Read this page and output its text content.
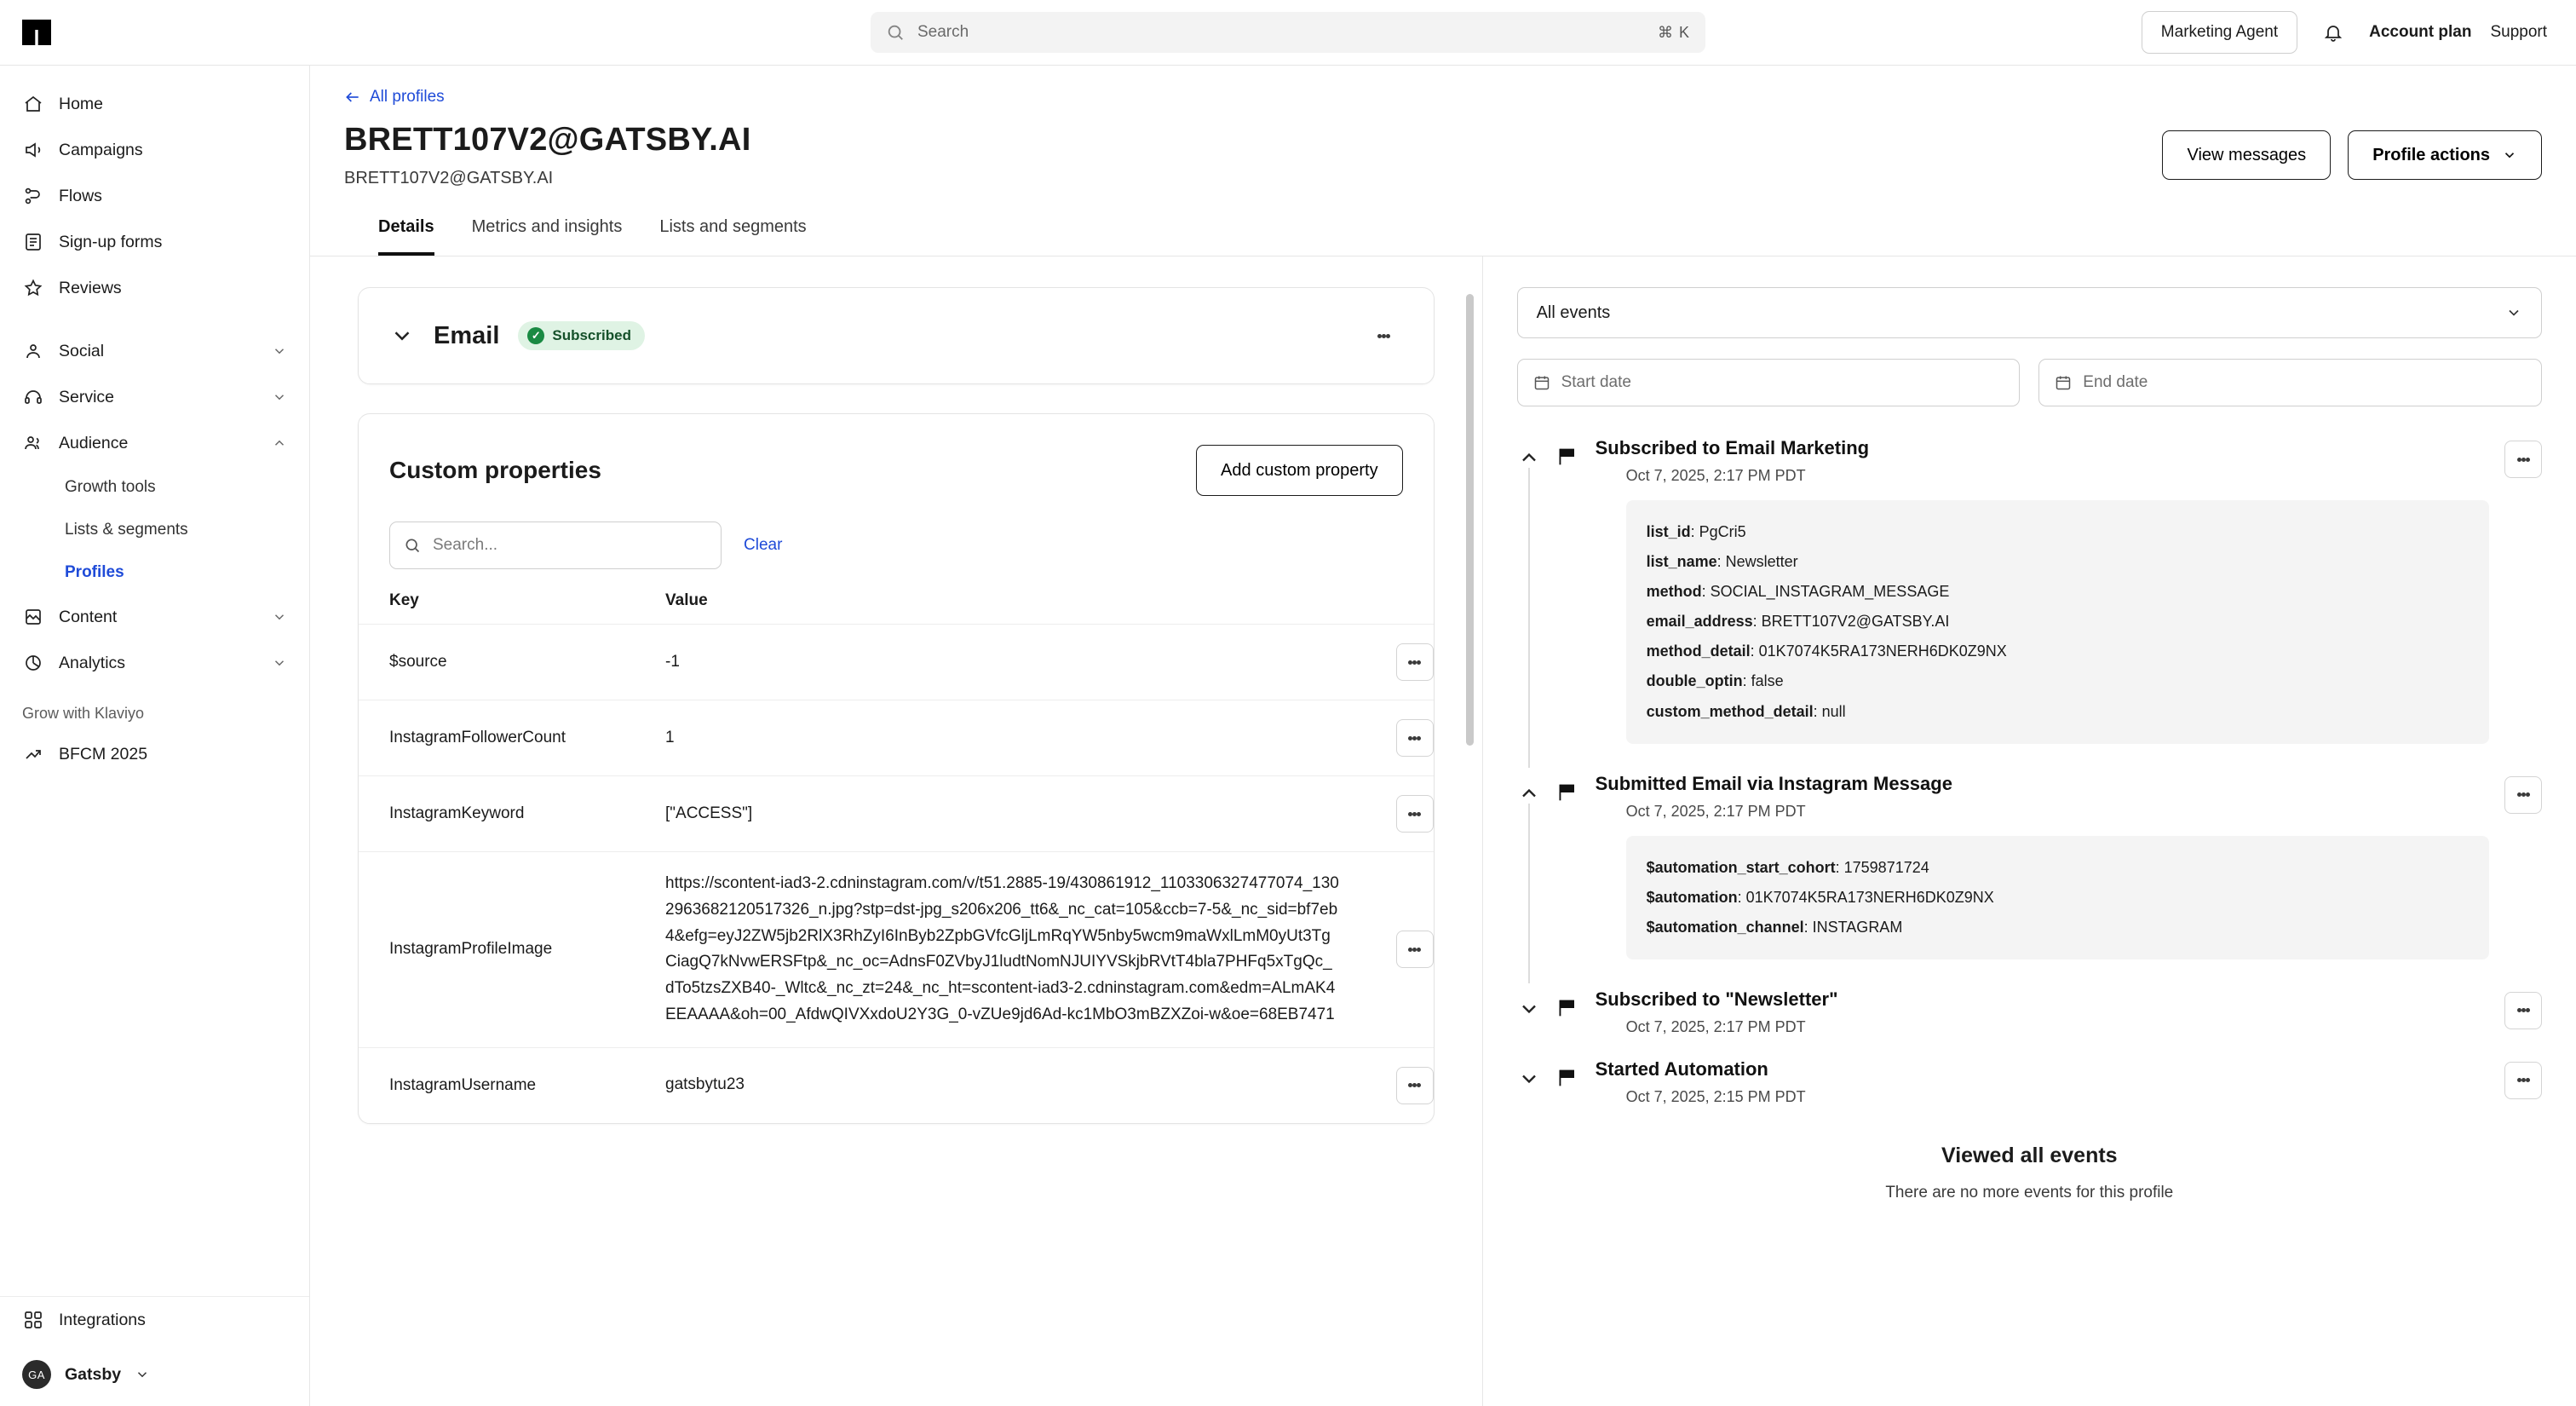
Search
⌘ K	Marketing Agent	Account plan Support
Home
Campaigns
Flows
Sign-up forms
Reviews
Social
Service
Audience
Growth tools
Lists & segments
Profiles
Content
Analytics
Grow with Klaviyo
BFCM 2025
Integrations
GA	Gatsby
All profiles
BRETT107V2@GATSBY.AI
BRETT107V2@GATSBY.AI
View messages	Profile actions
Details Metrics and insights Lists and segments
Email	✓ Subscribed
Custom properties	Add custom property
Search...
Clear
Key	Value	
$source	-1	

InstagramFollowerCount	1	

InstagramKeyword	["ACCESS"]	

InstagramProfileImage	https://scontent-iad3-2.cdninstagram.com/v/t51.2885-19/430861912_1103306327477074_1302963682120517326_n.jpg?stp=dst-jpg_s206x206_tt6&_nc_cat=105&ccb=7-5&_nc_sid=bf7eb4&efg=eyJ2ZW5jb2RlX3RhZyI6InByb2ZpbGVfcGljLmRqYW5nby5wcm9maWxlLmM0yUt3TgCiagQ7kNvwERSFtp&_nc_oc=AdnsF0ZVbyJ1ludtNomNJUIYVSkjbRVtT4bla7PHFq5xTgQc_dTo5tzsZXB40-_Wltc&_nc_zt=24&_nc_ht=scontent-iad3-2.cdninstagram.com&edm=ALmAK4EEAAAA&oh=00_AfdwQIVXxdoU2Y3G_0-vZUe9jd6Ad-kc1MbO3mBZXZoi-w&oe=68EB7471	

InstagramUsername	gatsbytu23	
All events
Start date	End date
Subscribed to Email Marketing
Oct 7, 2025, 2:17 PM PDT
list_id: PgCri5
list_name: Newsletter
method: SOCIAL_INSTAGRAM_MESSAGE
email_address: BRETT107V2@GATSBY.AI
method_detail: 01K7074K5RA173NERH6DK0Z9NX
double_optin: false
custom_method_detail: null
Submitted Email via Instagram Message
Oct 7, 2025, 2:17 PM PDT
$automation_start_cohort: 1759871724
$automation: 01K7074K5RA173NERH6DK0Z9NX
$automation_channel: INSTAGRAM
Subscribed to "Newsletter"
Oct 7, 2025, 2:17 PM PDT
Started Automation
Oct 7, 2025, 2:15 PM PDT
Viewed all events
There are no more events for this profile
